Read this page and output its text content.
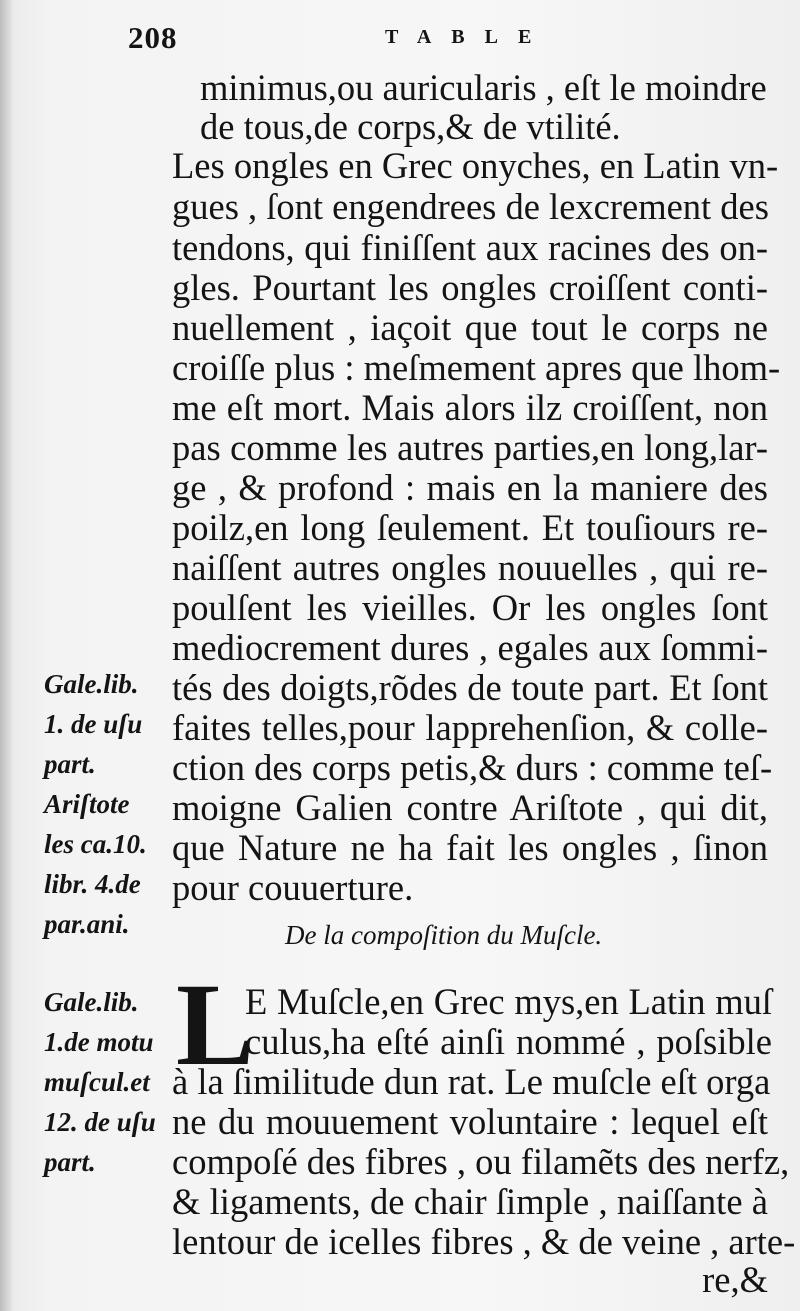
208	TABLE
minimus,ou auricularis , eſt le moindre
de tous,de corps,& de vtilité.
Les ongles en Grec onyches, en Latin vn-
gues , ſont engendrees de lexcrement des
tendons, qui finiſſent aux racines des on-
gles. Pourtant les ongles croiſſent conti-
nuellement , iaçoit que tout le corps ne
croiſſe plus : meſmement apres que lhom-
me eſt mort. Mais alors ilz croiſſent, non
pas comme les autres parties,en long,lar-
ge , & profond : mais en la maniere des
poilz,en long ſeulement. Et touſiours re-
naiſſent autres ongles nouuelles , qui re-
poulſent les vieilles. Or les ongles ſont
mediocrement dures , egales aux ſommi-
tés des doigts,rõdes de toute part. Et ſont
faites telles,pour lapprehenſion, & colle-
ction des corps petis,& durs : comme teſ-
moigne Galien contre Ariſtote , qui dit,
que Nature ne ha fait les ongles , ſinon
pour couuerture.
De la compoſition du Muſcle.
L
E Muſcle,en Grec mys,en Latin muſ
culus,ha eſté ainſi nommé , poſsible
à la ſimilitude dun rat. Le muſcle eſt orga
ne du mouuement voluntaire : lequel eſt
compoſé des fibres , ou filamẽts des nerfz,
& ligaments, de chair ſimple , naiſſante à
lentour de icelles fibres , & de veine , arte-
re,&
Gale.lib.
1. de uſu
part.
Ariſtote
les ca.10.
libr. 4.de
par.ani.
Gale.lib.
1.de motu
muſcul.et
12. de uſu
part.
